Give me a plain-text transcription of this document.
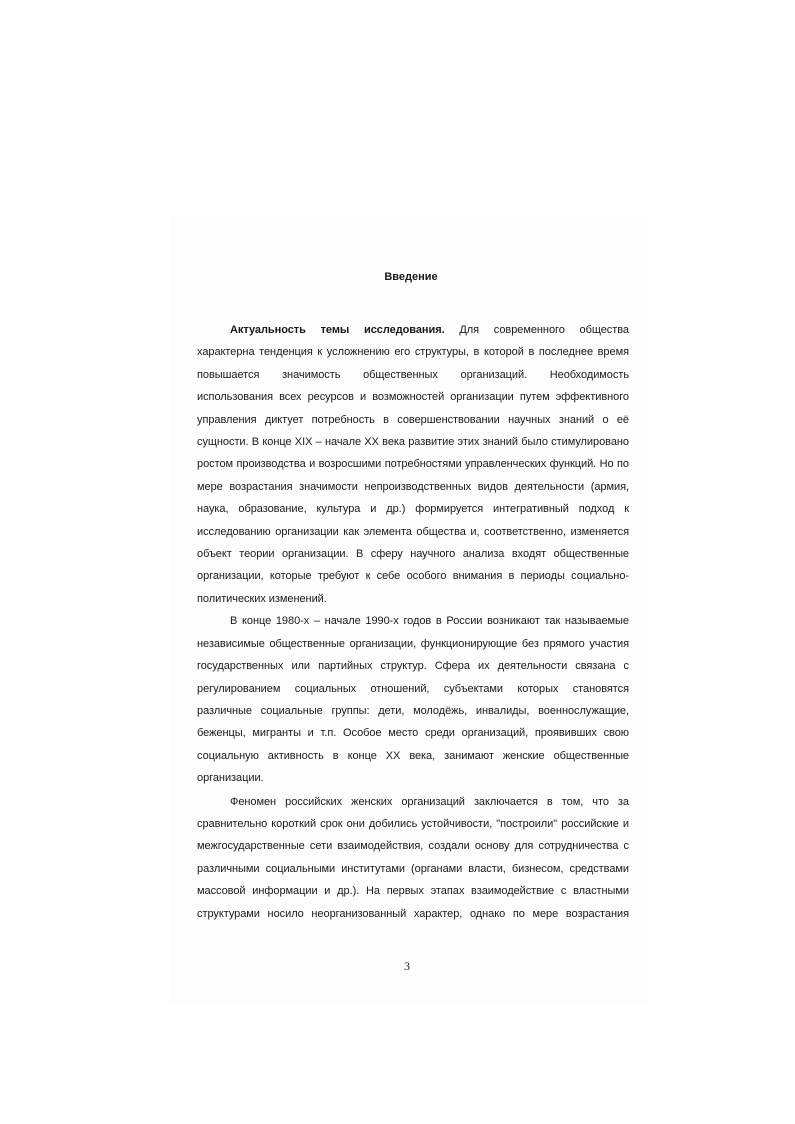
Введение

Актуальность темы исследования. Для современного общества характерна тенденция к усложнению его структуры, в которой в последнее время повышается значимость общественных организаций. Необходимость использования всех ресурсов и возможностей организации путем эффективного управления диктует потребность в совершенствовании научных знаний о её сущности. В конце XIX – начале XX века развитие этих знаний было стимулировано ростом производства и возросшими потребностями управленческих функций. Но по мере возрастания значимости непроизводственных видов деятельности (армия, наука, образование, культура и др.) формируется интегративный подход к исследованию организации как элемента общества и, соответственно, изменяется объект теории организации. В сферу научного анализа входят общественные организации, которые требуют к себе особого внимания в периоды социально-политических изменений.

В конце 1980-х – начале 1990-х годов в России возникают так называемые независимые общественные организации, функционирующие без прямого участия государственных или партийных структур. Сфера их деятельности связана с регулированием социальных отношений, субъектами которых становятся различные социальные группы: дети, молодёжь, инвалиды, военнослужащие, беженцы, мигранты и т.п. Особое место среди организаций, проявивших свою социальную активность в конце XX века, занимают женские общественные организации.

Феномен российских женских организаций заключается в том, что за сравнительно короткий срок они добились устойчивости, "построили" российские и межгосударственные сети взаимодействия, создали основу для сотрудничества с различными социальными институтами (органами власти, бизнесом, средствами массовой информации и др.). На первых этапах взаимодействие с властными структурами носило неорганизованный характер, однако по мере возрастания

3
